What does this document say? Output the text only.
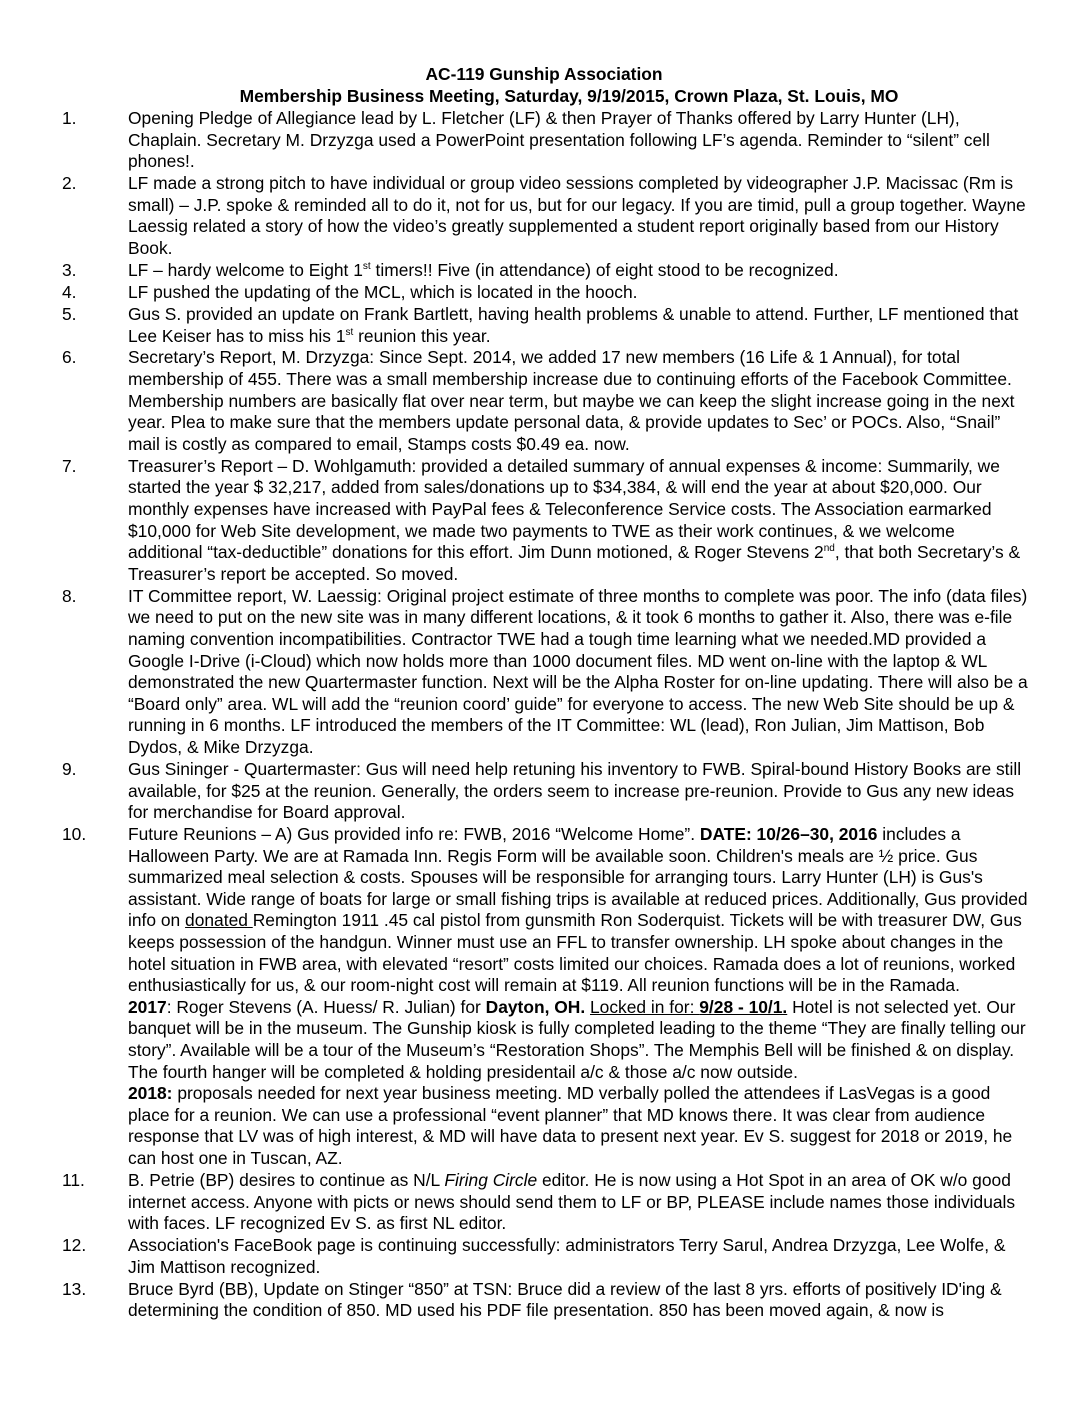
AC-119 Gunship Association
Membership Business Meeting, Saturday, 9/19/2015, Crown Plaza, St. Louis, MO
1.	Opening Pledge of Allegiance lead by L. Fletcher (LF) & then Prayer of Thanks offered by Larry Hunter (LH), Chaplain. Secretary M. Drzyzga used a PowerPoint presentation following LF’s agenda. Reminder to “silent” cell phones!.
2.	LF made a strong pitch to have individual or group video sessions completed by videographer J.P. Macissac (Rm is small) – J.P. spoke & reminded all to do it, not for us, but for our legacy. If you are timid, pull a group together. Wayne Laessig related a story of how the video’s greatly supplemented a student report originally based from our History Book.
3.	LF – hardy welcome to Eight 1st timers!! Five (in attendance) of eight stood to be recognized.
4.	LF pushed the updating of the MCL, which is located in the hooch.
5.	Gus S. provided an update on Frank Bartlett, having health problems & unable to attend. Further, LF mentioned that Lee Keiser has to miss his 1st reunion this year.
6.	Secretary’s Report, M. Drzyzga: Since Sept. 2014, we added 17 new members (16 Life & 1 Annual), for total membership of 455. There was a small membership increase due to continuing efforts of the Facebook Committee. Membership numbers are basically flat over near term, but maybe we can keep the slight increase going in the next year. Plea to make sure that the members update personal data, & provide updates to Sec’ or POCs. Also, “Snail” mail is costly as compared to email, Stamps costs $0.49 ea. now.
7.	Treasurer’s Report – D. Wohlgamuth: provided a detailed summary of annual expenses & income: Summarily, we started the year $ 32,217, added from sales/donations up to $34,384, & will end the year at about $20,000. Our monthly expenses have increased with PayPal fees & Teleconference Service costs. The Association earmarked $10,000 for Web Site development, we made two payments to TWE as their work continues, & we welcome additional “tax-deductible” donations for this effort. Jim Dunn motioned, & Roger Stevens 2nd, that both Secretary’s & Treasurer’s report be accepted. So moved.
8.	IT Committee report, W. Laessig: Original project estimate of three months to complete was poor. The info (data files) we need to put on the new site was in many different locations, & it took 6 months to gather it. Also, there was e-file naming convention incompatibilities. Contractor TWE had a tough time learning what we needed.MD provided a Google I-Drive (i-Cloud) which now holds more than 1000 document files. MD went on-line with the laptop & WL demonstrated the new Quartermaster function. Next will be the Alpha Roster for on-line updating. There will also be a “Board only” area. WL will add the “reunion coord’ guide” for everyone to access. The new Web Site should be up & running in 6 months. LF introduced the members of the IT Committee: WL (lead), Ron Julian, Jim Mattison, Bob Dydos, & Mike Drzyzga.
9.	Gus Sininger - Quartermaster: Gus will need help retuning his inventory to FWB. Spiral-bound History Books are still available, for $25 at the reunion. Generally, the orders seem to increase pre-reunion. Provide to Gus any new ideas for merchandise for Board approval.
10. Future Reunions – A) Gus provided info re: FWB, 2016 “Welcome Home”. DATE: 10/26–30, 2016 includes a Halloween Party. We are at Ramada Inn. Regis Form will be available soon. Children's meals are ½ price. Gus summarized meal selection & costs. Spouses will be responsible for arranging tours. Larry Hunter (LH) is Gus's assistant. Wide range of boats for large or small fishing trips is available at reduced prices. Additionally, Gus provided info on donated Remington 1911 .45 cal pistol from gunsmith Ron Soderquist. Tickets will be with treasurer DW, Gus keeps possession of the handgun. Winner must use an FFL to transfer ownership. LH spoke about changes in the hotel situation in FWB area, with elevated “resort” costs limited our choices. Ramada does a lot of reunions, worked enthusiastically for us, & our room-night cost will remain at $119. All reunion functions will be in the Ramada.
2017: Roger Stevens (A. Huess/ R. Julian) for Dayton, OH. Locked in for: 9/28 - 10/1. Hotel is not selected yet. Our banquet will be in the museum. The Gunship kiosk is fully completed leading to the theme “They are finally telling our story”. Available will be a tour of the Museum’s “Restoration Shops”. The Memphis Bell will be finished & on display. The fourth hanger will be completed & holding presidentail a/c & those a/c now outside.
2018: proposals needed for next year business meeting. MD verbally polled the attendees if LasVegas is a good place for a reunion. We can use a professional “event planner” that MD knows there. It was clear from audience response that LV was of high interest, & MD will have data to present next year. Ev S. suggest for 2018 or 2019, he can host one in Tuscan, AZ.
11. B. Petrie (BP) desires to continue as N/L Firing Circle editor. He is now using a Hot Spot in an area of OK w/o good internet access. Anyone with picts or news should send them to LF or BP, PLEASE include names those individuals with faces. LF recognized Ev S. as first NL editor.
12. Association's FaceBook page is continuing successfully: administrators Terry Sarul, Andrea Drzyzga, Lee Wolfe, & Jim Mattison recognized.
13. Bruce Byrd (BB), Update on Stinger “850” at TSN: Bruce did a review of the last 8 yrs. efforts of positively ID'ing & determining the condition of 850. MD used his PDF file presentation. 850 has been moved again, & now is
